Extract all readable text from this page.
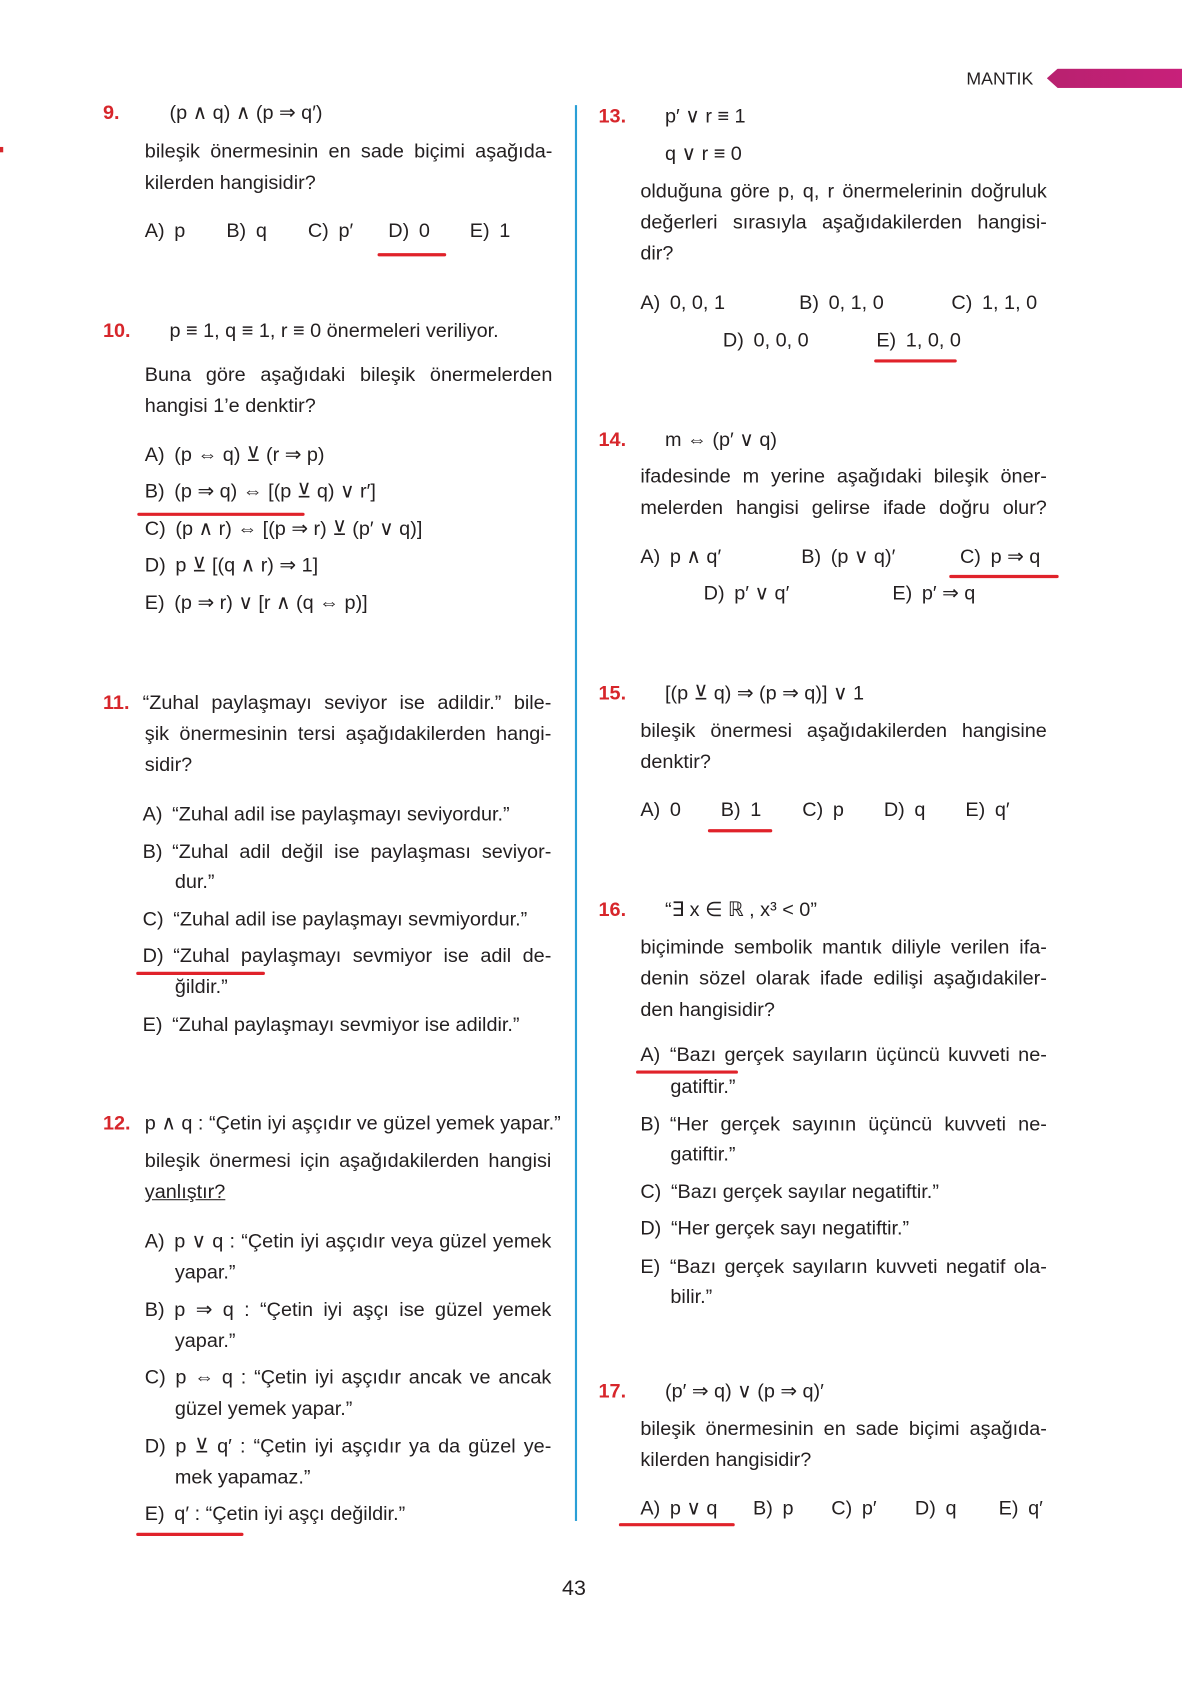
MANTIK
43
9.	(p ∧ q) ∧ (p ⇒ q′)
bileşik önermesinin en sade biçimi aşağıda-
kilerden hangisidir?
A) p B) q C) p′ D) 0 E) 1
10. p ≡ 1, q ≡ 1, r ≡ 0 önermeleri veriliyor.
Buna göre aşağıdaki bileşik önermelerden
hangisi 1’e denktir?
A) (p ⇔ q) ⊻ (r ⇒ p)
B) (p ⇒ q) ⇔ [(p ⊻ q) ∨ r′]
C) (p ∧ r) ⇔ [(p ⇒ r) ⊻ (p′ ∨ q)]
D) p ⊻ [(q ∧ r) ⇒ 1]
E) (p ⇒ r) ∨ [r ∧ (q ⇔ p)]
11. “Zuhal paylaşmayı seviyor ise adildir.” bile-
şik önermesinin tersi aşağıdakilerden hangi-
sidir?
A) “Zuhal adil ise paylaşmayı seviyordur.”
B) “Zuhal adil değil ise paylaşması seviyor-
dur.”
C) “Zuhal adil ise paylaşmayı sevmiyordur.”
D) “Zuhal paylaşmayı sevmiyor ise adil de-
ğildir.”
E) “Zuhal paylaşmayı sevmiyor ise adildir.”
12. p ∧ q : “Çetin iyi aşçıdır ve güzel yemek yapar.”
bileşik önermesi için aşağıdakilerden hangisi
yanlıştır?
A) p ∨ q : “Çetin iyi aşçıdır veya güzel yemek
yapar.”
B) p ⇒ q : “Çetin iyi aşçı ise güzel yemek
yapar.”
C) p ⇔ q : “Çetin iyi aşçıdır ancak ve ancak
güzel yemek yapar.”
D) p ⊻ q′ : “Çetin iyi aşçıdır ya da güzel ye-
mek yapamaz.”
E) q′ : “Çetin iyi aşçı değildir.”
13. p′ ∨ r ≡ 1
q ∨ r ≡ 0
olduğuna göre p, q, r önermelerinin doğruluk
değerleri sırasıyla aşağıdakilerden hangisi-
dir?
A) 0, 0, 1	B) 0, 1, 0	C) 1, 1, 0
D) 0, 0, 0	E) 1, 0, 0
14. m ⇔ (p′ ∨ q)
ifadesinde m yerine aşağıdaki bileşik öner-
melerden hangisi gelirse ifade doğru olur?
A) p ∧ q′	B) (p ∨ q)′	C) p ⇒ q
D) p′ ∨ q′	E) p′ ⇒ q
15. [(p ⊻ q) ⇒ (p ⇒ q)] ∨ 1
bileşik önermesi aşağıdakilerden hangisine
denktir?
A) 0 B) 1 C) p D) q E) q′
16. “∃ x ∈ ℝ , x³ < 0”
biçiminde sembolik mantık diliyle verilen ifa-
denin sözel olarak ifade edilişi aşağıdakiler-
den hangisidir?
A) “Bazı gerçek sayıların üçüncü kuvveti ne-
gatiftir.”
B) “Her gerçek sayının üçüncü kuvveti ne-
gatiftir.”
C) “Bazı gerçek sayılar negatiftir.”
D) “Her gerçek sayı negatiftir.”
E) “Bazı gerçek sayıların kuvveti negatif ola-
bilir.”
17. (p′ ⇒ q) ∨ (p ⇒ q)′
bileşik önermesinin en sade biçimi aşağıda-
kilerden hangisidir?
A) p ∨ q B) p C) p′ D) q E) q′
